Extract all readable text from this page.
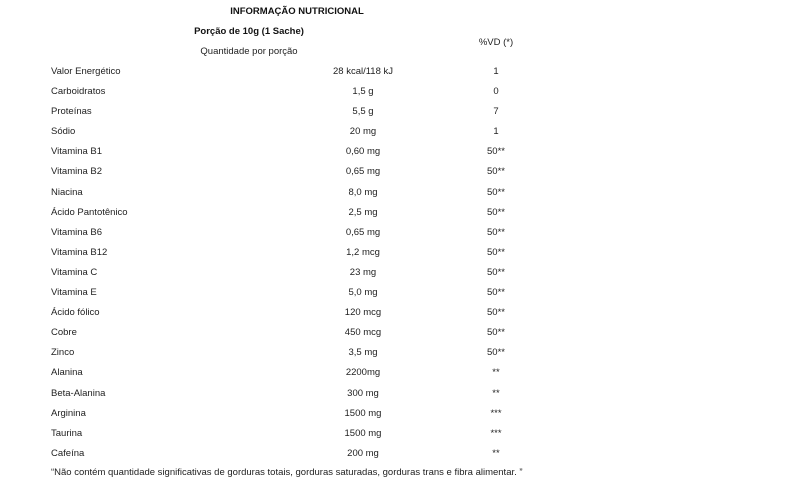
INFORMAÇÃO NUTRICIONAL
Porção de 10g (1 Sache)
Quantidade por porção
%VD (*)
Valor Energético	28 kcal/118 kJ	1
Carboidratos	1,5 g	0
Proteínas	5,5 g	7
Sódio	20 mg	1
Vitamina B1	0,60 mg	50**
Vitamina B2	0,65 mg	50**
Niacina	8,0 mg	50**
Ácido Pantotênico	2,5 mg	50**
Vitamina B6	0,65 mg	50**
Vitamina B12	1,2 mcg	50**
Vitamina C	23 mg	50**
Vitamina E	5,0 mg	50**
Ácido fólico	120 mcg	50**
Cobre	450 mcg	50**
Zinco	3,5 mg	50**
Alanina	2200mg	**
Beta-Alanina	300 mg	**
Arginina	1500 mg	***
Taurina	1500 mg	***
Cafeína	200 mg	**
“Não contém quantidade significativas de gorduras totais, gorduras saturadas, gorduras trans e fibra alimentar. ”
